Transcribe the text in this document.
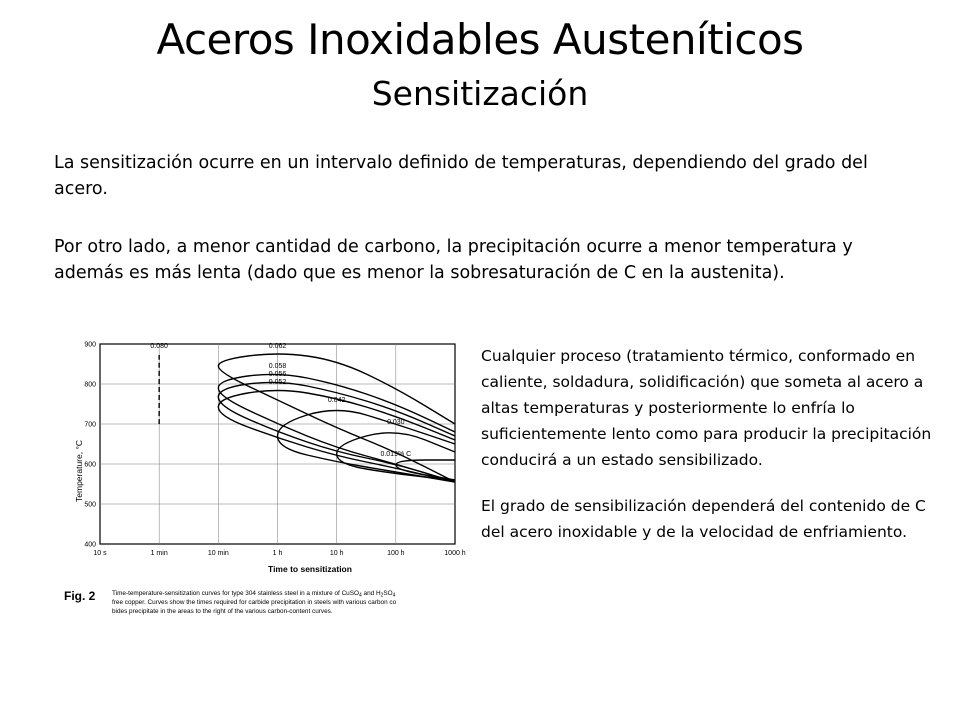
Aceros Inoxidables Austeníticos
Sensitización
La sensitización ocurre en un intervalo definido de temperaturas, dependiendo del grado del acero.
Por otro lado, a menor cantidad de carbono, la precipitación ocurre a menor temperatura y además es más lenta (dado que es menor la sobresaturación de C en la austenita).
Cualquier proceso (tratamiento térmico, conformado en caliente, soldadura, solidificación) que someta al acero a altas temperaturas y posteriormente lo enfría lo suficientemente lento como para producir la precipitación conducirá a un estado sensibilizado.
El grado de sensibilización dependerá del contenido de C del acero inoxidable y de la velocidad de enfriamiento.
0.080	0.062
0.058
0.056
0.052
0.042
0.030
0.019% C
10 s	1 min	10 min	1 h	10 h	100 h	1000 h
400
500
600
700
800
900
Temperature, °C
Time to sensitization
Fig. 2	Time-temperature-sensitization curves for type 304 stainless steel in a mixture of CuSO$_4$ and $H_2SO_4$
free copper. Curves show the times required for carbide precipitation in steels with various carbon co
bides precipitate in the areas to the right of the various carbon-content curves.
